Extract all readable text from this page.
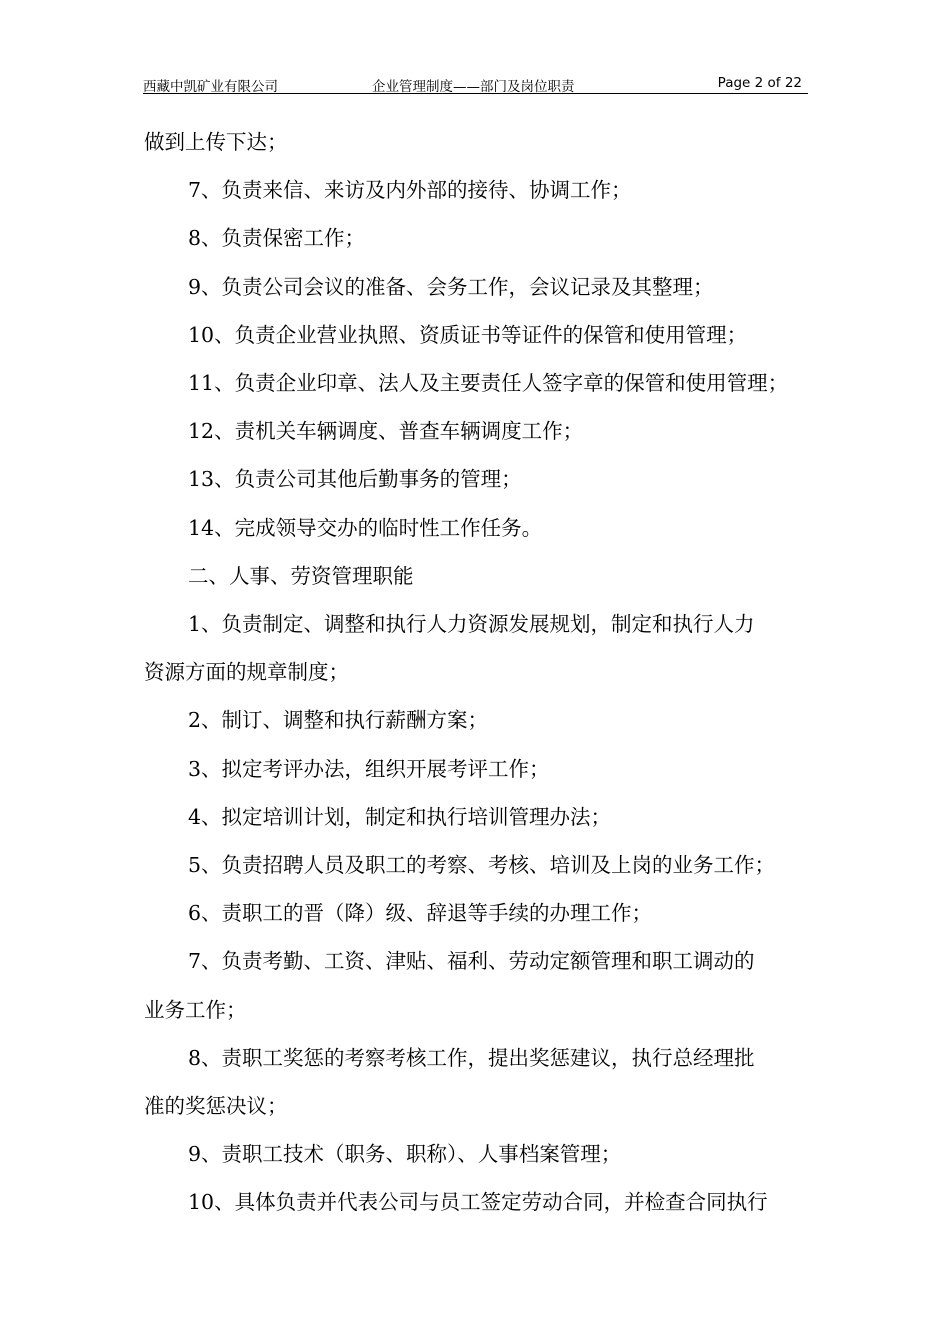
西藏中凯矿业有限公司	企业管理制度——部门及岗位职责	Page 2 of 22
做到上传下达；
7、负责来信、来访及内外部的接待、协调工作；
8、负责保密工作；
9、负责公司会议的准备、会务工作，会议记录及其整理；
10、负责企业营业执照、资质证书等证件的保管和使用管理；
11、负责企业印章、法人及主要责任人签字章的保管和使用管理；
12、责机关车辆调度、普查车辆调度工作；
13、负责公司其他后勤事务的管理；
14、完成领导交办的临时性工作任务。
二、人事、劳资管理职能
1、负责制定、调整和执行人力资源发展规划，制定和执行人力
资源方面的规章制度；
2、制订、调整和执行薪酬方案；
3、拟定考评办法，组织开展考评工作；
4、拟定培训计划，制定和执行培训管理办法；
5、负责招聘人员及职工的考察、考核、培训及上岗的业务工作；
6、责职工的晋（降）级、辞退等手续的办理工作；
7、负责考勤、工资、津贴、福利、劳动定额管理和职工调动的
业务工作；
8、责职工奖惩的考察考核工作，提出奖惩建议，执行总经理批
准的奖惩决议；
9、责职工技术（职务、职称）、人事档案管理；
10、具体负责并代表公司与员工签定劳动合同，并检查合同执行
